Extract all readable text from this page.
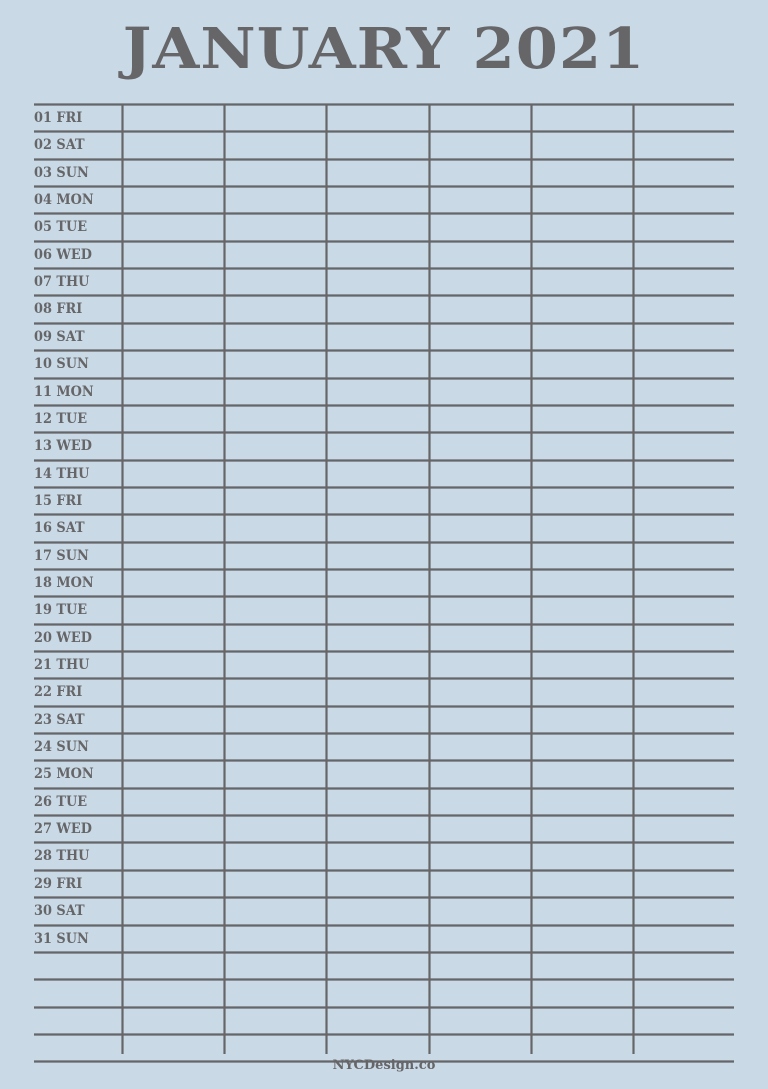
JANUARY 2021
01 FRI
02 SAT
03 SUN
04 MON
05 TUE
06 WED
07 THU
08 FRI
09 SAT
10 SUN
11 MON
12 TUE
13 WED
14 THU
15 FRI
16 SAT
17 SUN
18 MON
19 TUE
20 WED
21 THU
22 FRI
23 SAT
24 SUN
25 MON
26 TUE
27 WED
28 THU
29 FRI
30 SAT
31 SUN
NYCDesign.co
